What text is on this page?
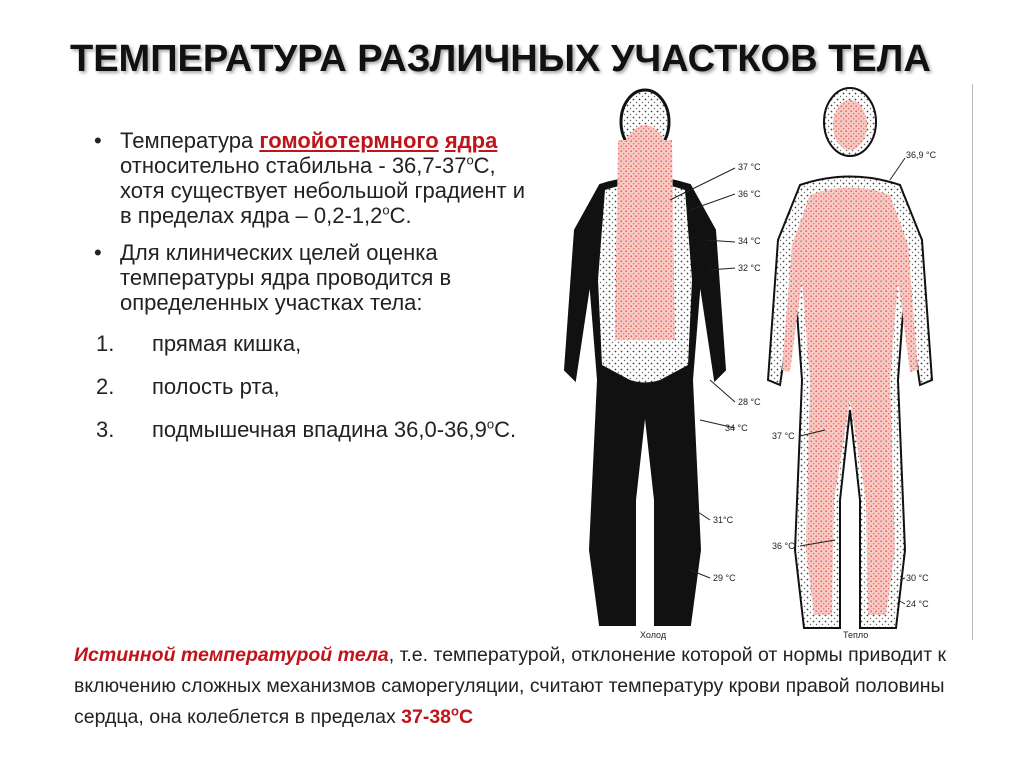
ТЕМПЕРАТУРА РАЗЛИЧНЫХ УЧАСТКОВ ТЕЛА
• Температура гомойотермного ядра относительно стабильна - $36,7-37^оС$, хотя существует небольшой градиент и в пределах ядра – $0,2-1,2^оС$.
• Для клинических целей оценка температуры ядра проводится в определенных участках тела:
1. прямая кишка,
2. полость рта,
3. подмышечная впадина $36,0-36,9^оС$.
37 °C
36 °C
34 °C
32 °C
28 °C
34 °C
31°C
29 °C
36,9 °C
37 °C
36 °C
30 °C
24 °C
Холод	Тепло
Истинной температурой тела, т.е. температурой, отклонение которой от нормы приводит к включению сложных механизмов саморегуляции, считают температуру крови правой половины сердца, она колеблется в пределах $37-38^оС$
